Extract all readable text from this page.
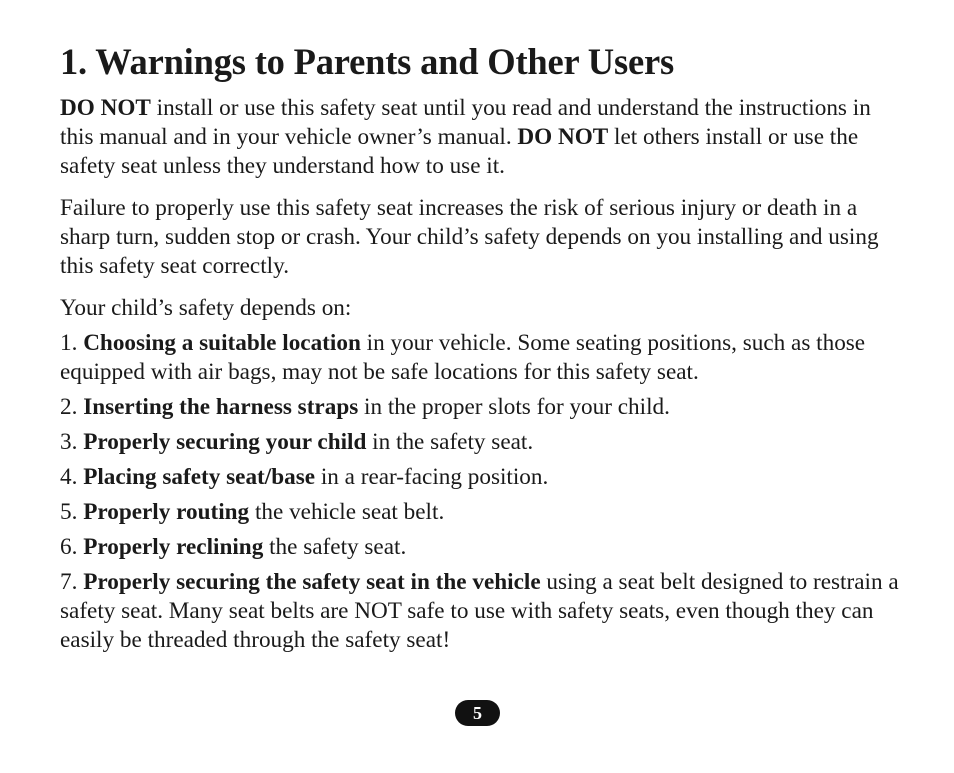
1. Warnings to Parents and Other Users

DO NOT install or use this safety seat until you read and understand the instructions in this manual and in your vehicle owner’s manual. DO NOT let others install or use the safety seat unless they understand how to use it.

Failure to properly use this safety seat increases the risk of serious injury or death in a sharp turn, sudden stop or crash. Your child’s safety depends on you installing and using this safety seat correctly.

Your child’s safety depends on:

1. Choosing a suitable location in your vehicle. Some seating positions, such as those equipped with air bags, may not be safe locations for this safety seat.

2. Inserting the harness straps in the proper slots for your child.

3. Properly securing your child in the safety seat.

4. Placing safety seat/base in a rear-facing position.

5. Properly routing the vehicle seat belt.

6. Properly reclining the safety seat.

7. Properly securing the safety seat in the vehicle using a seat belt designed to restrain a safety seat. Many seat belts are NOT safe to use with safety seats, even though they can easily be threaded through the safety seat!

5
